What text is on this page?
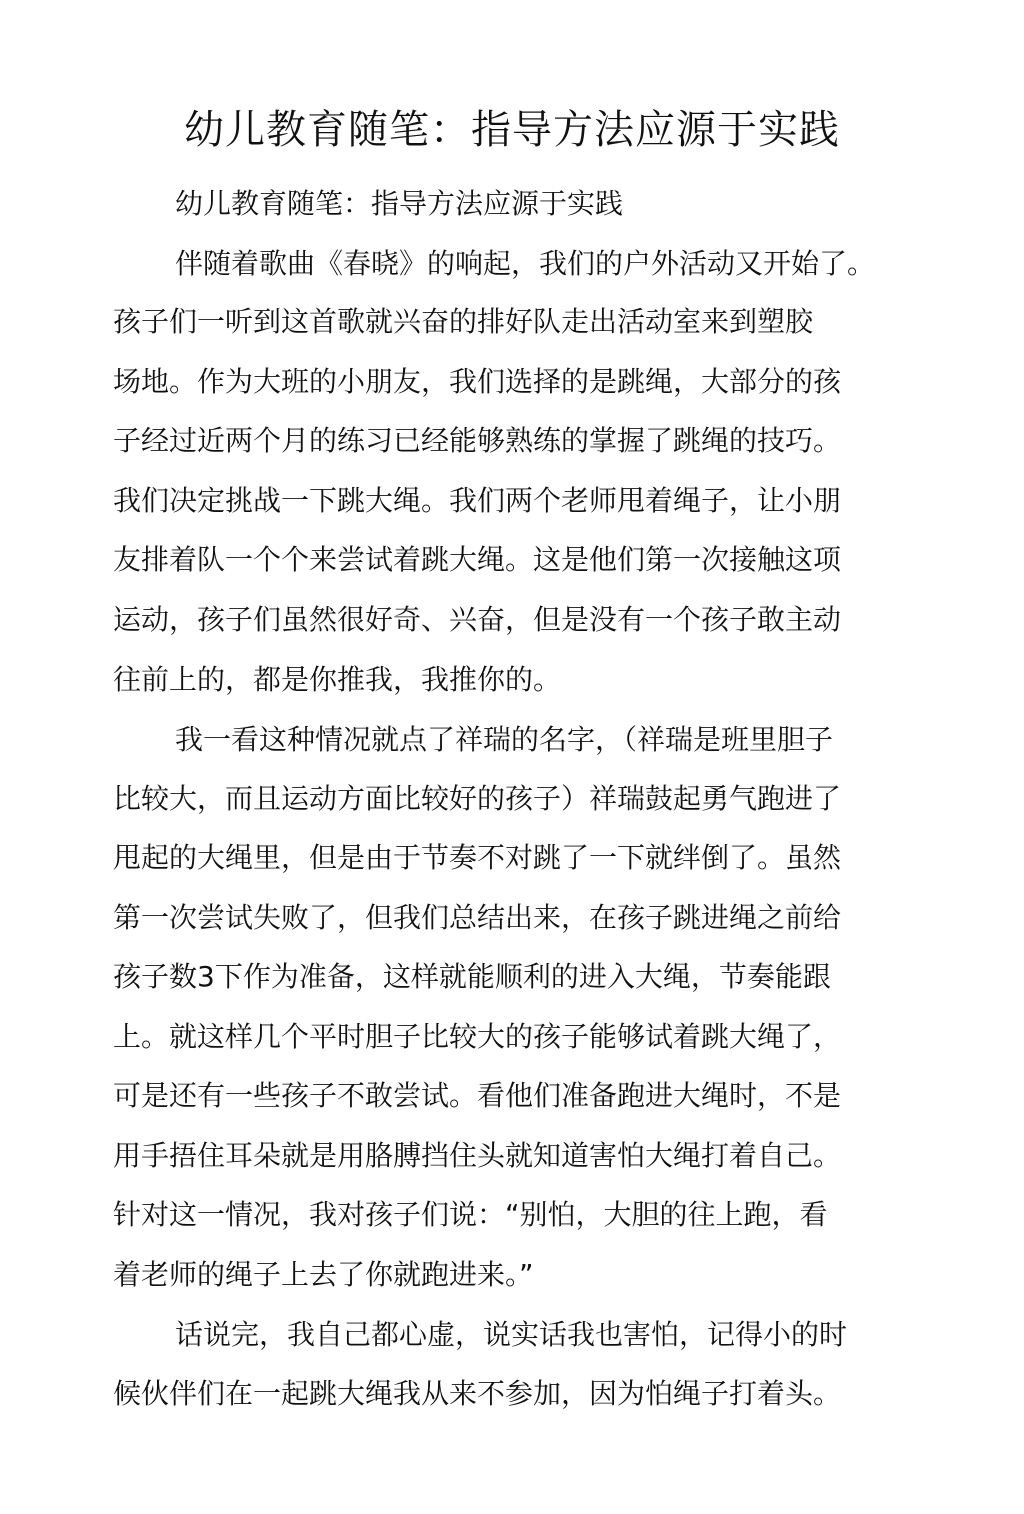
幼儿教育随笔：指导方法应源于实践

幼儿教育随笔：指导方法应源于实践

伴随着歌曲《春晓》的响起，我们的户外活动又开始了。

孩子们一听到这首歌就兴奋的排好队走出活动室来到塑胶

场地。作为大班的小朋友，我们选择的是跳绳，大部分的孩

子经过近两个月的练习已经能够熟练的掌握了跳绳的技巧。

我们决定挑战一下跳大绳。我们两个老师甩着绳子，让小朋

友排着队一个个来尝试着跳大绳。这是他们第一次接触这项

运动，孩子们虽然很好奇、兴奋，但是没有一个孩子敢主动

往前上的，都是你推我，我推你的。

我一看这种情况就点了祥瑞的名字，（祥瑞是班里胆子

比较大，而且运动方面比较好的孩子）祥瑞鼓起勇气跑进了

甩起的大绳里，但是由于节奏不对跳了一下就绊倒了。虽然

第一次尝试失败了，但我们总结出来，在孩子跳进绳之前给

孩子数3下作为准备，这样就能顺利的进入大绳，节奏能跟

上。就这样几个平时胆子比较大的孩子能够试着跳大绳了，

可是还有一些孩子不敢尝试。看他们准备跑进大绳时，不是

用手捂住耳朵就是用胳膊挡住头就知道害怕大绳打着自己。

针对这一情况，我对孩子们说：“别怕，大胆的往上跑，看

着老师的绳子上去了你就跑进来。”

话说完，我自己都心虚，说实话我也害怕，记得小的时

候伙伴们在一起跳大绳我从来不参加，因为怕绳子打着头。
